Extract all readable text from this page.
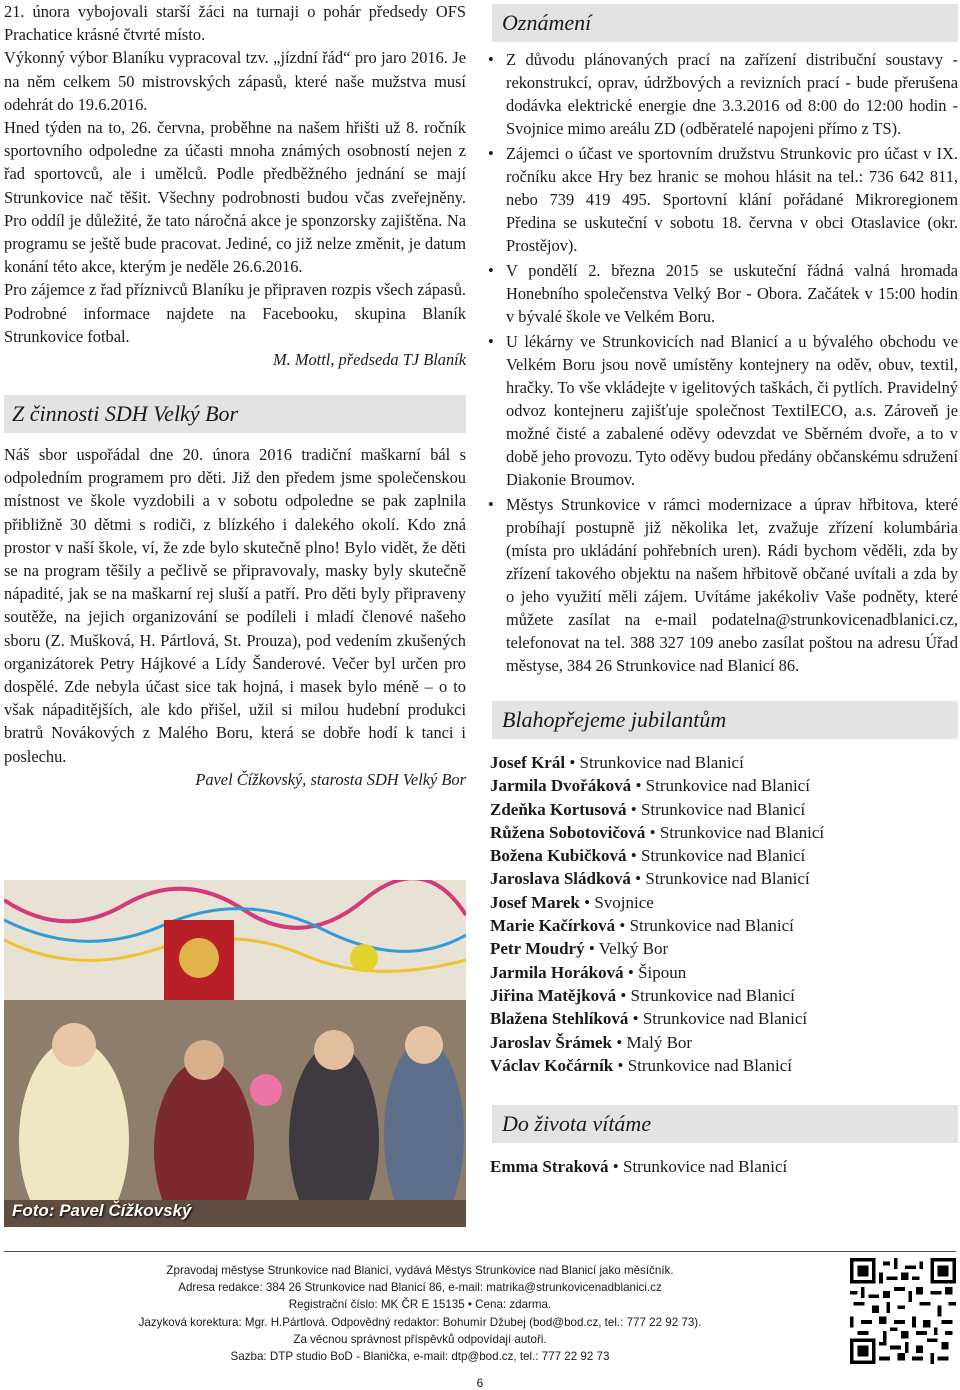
21. února vybojovali starší žáci na turnaji o pohár předsedy OFS Prachatice krásné čtvrté místo.

Výkonný výbor Blaníku vypracoval tzv. „jízdní řád“ pro jaro 2016. Je na něm celkem 50 mistrovských zápasů, které naše mužstva musí odehrát do 19.6.2016.

Hned týden na to, 26. června, proběhne na našem hřišti už 8. ročník sportovního odpoledne za účasti mnoha známých osobností nejen z řad sportovců, ale i umělců. Podle předběžného jednání se mají Strunkovice nač těšit. Všechny podrobnosti budou včas zveřejněny. Pro oddíl je důležité, že tato náročná akce je sponzorsky zajištěna. Na programu se ještě bude pracovat. Jediné, co již nelze změnit, je datum konání této akce, kterým je neděle 26.6.2016.

Pro zájemce z řad příznivců Blaníku je připraven rozpis všech zápasů. Podrobné informace najdete na Facebooku, skupina Blaník Strunkovice fotbal.

M. Mottl, předseda TJ Blaník

Z činnosti SDH Velký Bor

Náš sbor uspořádal dne 20. února 2016 tradiční maškarní bál s odpoledním programem pro děti. Již den předem jsme společenskou místnost ve škole vyzdobili a v sobotu odpoledne se pak zaplnila přibližně 30 dětmi s rodiči, z blízkého i dalekého okolí. Kdo zná prostor v naší škole, ví, že zde bylo skutečně plno! Bylo vidět, že děti se na program těšily a pečlivě se připravovaly, masky byly skutečně nápadité, jak se na maškarní rej sluší a patří. Pro děti byly připraveny soutěže, na jejich organizování se podíleli i mladí členové našeho sboru (Z. Mušková, H. Pártlová, St. Prouza), pod vedením zkušených organizátorek Petry Hájkové a Lídy Šanderové. Večer byl určen pro dospělé. Zde nebyla účast sice tak hojná, i masek bylo méně – o to však nápaditějších, ale kdo přišel, užil si milou hudební produkci bratrů Novákových z Malého Boru, která se dobře hodí k tanci i poslechu.

Pavel Čížkovský, starosta SDH Velký Bor

Foto: Pavel Čížkovský
Oznámení
• Z důvodu plánovaných prací na zařízení distribuční soustavy - rekonstrukcí, oprav, údržbových a revizních prací - bude přerušena dodávka elektrické energie dne 3.3.2016 od 8:00 do 12:00 hodin - Svojnice mimo areálu ZD (odběratelé napojeni přímo z TS).
• Zájemci o účast ve sportovním družstvu Strunkovic pro účast v IX. ročníku akce Hry bez hranic se mohou hlásit na tel.: 736 642 811, nebo 739 419 495. Sportovní klání pořádané Mikroregionem Předina se uskuteční v sobotu 18. června v obci Otaslavice (okr. Prostějov).
• V pondělí 2. března 2015 se uskuteční řádná valná hromada Honebního společenstva Velký Bor - Obora. Začátek v 15:00 hodin v bývalé škole ve Velkém Boru.
• U lékárny ve Strunkovicích nad Blanicí a u bývalého obchodu ve Velkém Boru jsou nově umístěny kontejnery na oděv, obuv, textil, hračky. To vše vkládejte v igelitových taškách, či pytlích. Pravidelný odvoz kontejneru zajišťuje společnost TextilECO, a.s. Zároveň je možné čisté a zabalené oděvy odevzdat ve Sběrném dvoře, a to v době jeho provozu. Tyto oděvy budou předány občanskému sdružení Diakonie Broumov.
• Městys Strunkovice v rámci modernizace a úprav hřbitova, které probíhají postupně již několika let, zvažuje zřízení kolumbária (místa pro ukládání pohřebních uren). Rádi bychom věděli, zda by zřízení takového objektu na našem hřbitově občané uvítali a zda by o jeho využití měli zájem. Uvítáme jakékoliv Vaše podněty, které můžete zasílat na e-mail podatelna@strunkovicenadblanici.cz, telefonovat na tel. 388 327 109 anebo zasílat poštou na adresu Úřad městyse, 384 26 Strunkovice nad Blanicí 86.
Blahopřejeme jubilantům
Josef Král • Strunkovice nad Blanicí
Jarmila Dvořáková • Strunkovice nad Blanicí
Zdeňka Kortusová • Strunkovice nad Blanicí
Růžena Sobotovičová • Strunkovice nad Blanicí
Božena Kubičková • Strunkovice nad Blanicí
Jaroslava Sládková • Strunkovice nad Blanicí
Josef Marek • Svojnice
Marie Kačírková • Strunkovice nad Blanicí
Petr Moudrý • Velký Bor
Jarmila Horáková • Šipoun
Jiřina Matějková • Strunkovice nad Blanicí
Blažena Stehlíková • Strunkovice nad Blanicí
Jaroslav Šrámek • Malý Bor
Václav Kočárník • Strunkovice nad Blanicí
Do života vítáme
Emma Straková • Strunkovice nad Blanicí
Zpravodaj městyse Strunkovice nad Blanicí, vydává Městys Strunkovice nad Blanicí jako měsíčník.
Adresa redakce: 384 26 Strunkovice nad Blanicí 86, e-mail: matrika@strunkovicenadblanici.cz
Registrační číslo: MK ČR E 15135 • Cena: zdarma.
Jazyková korektura: Mgr. H.Pártlová. Odpovědný redaktor: Bohumír Džubej (bod@bod.cz, tel.: 777 22 92 73).
Za věcnou správnost příspěvků odpovídají autoři.
Sazba: DTP studio BoD - Blanička, e-mail: dtp@bod.cz, tel.: 777 22 92 73
6
